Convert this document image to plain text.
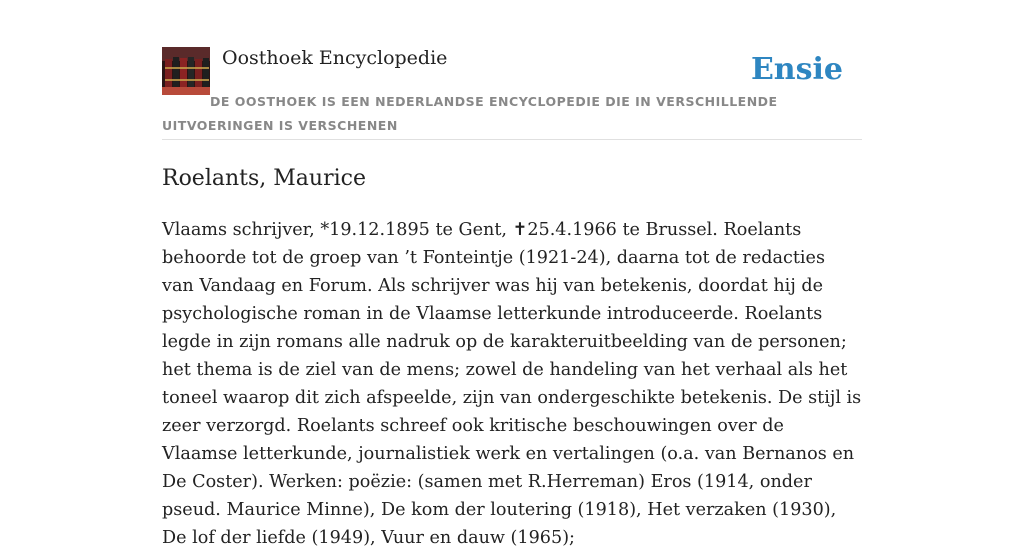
Oosthoek Encyclopedie	Ensie
DE OOSTHOEK IS EEN NEDERLANDSE ENCYCLOPEDIE DIE IN VERSCHILLENDE UITVOERINGEN IS VERSCHENEN
Roelants, Maurice

Vlaams schrijver, *19.12.1895 te Gent, ✝25.4.1966 te Brussel. Roelants behoorde tot de groep van ’t Fonteintje (1921-24), daarna tot de redacties van Vandaag en Forum. Als schrijver was hij van betekenis, doordat hij de psychologische roman in de Vlaamse letterkunde introduceerde. Roelants legde in zijn romans alle nadruk op de karakteruitbeelding van de personen; het thema is de ziel van de mens; zowel de handeling van het verhaal als het toneel waarop dit zich afspeelde, zijn van ondergeschikte betekenis. De stijl is zeer verzorgd. Roelants schreef ook kritische beschouwingen over de Vlaamse letterkunde, journalistiek werk en vertalingen (o.a. van Bernanos en De Coster). Werken: poëzie: (samen met R.Herreman) Eros (1914, onder pseud. Maurice Minne), De kom der loutering (1918), Het verzaken (1930), De lof der liefde (1949), Vuur en dauw (1965);
